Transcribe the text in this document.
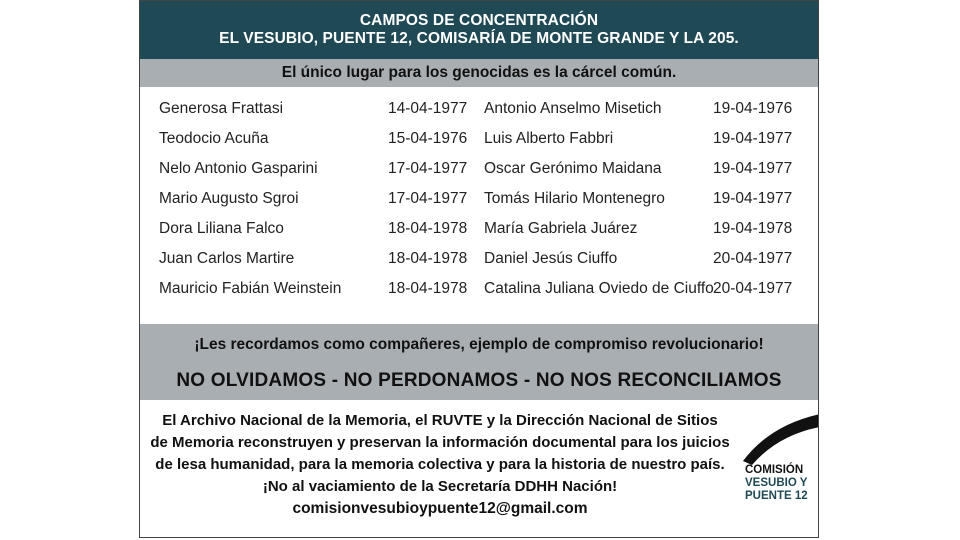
CAMPOS DE CONCENTRACIÓN
EL VESUBIO, PUENTE 12, COMISARÍA DE MONTE GRANDE Y LA 205.
El único lugar para los genocidas es la cárcel común.
Generosa Frattasi	14-04-1977
Teodocio Acuña	15-04-1976
Nelo Antonio Gasparini	17-04-1977
Mario Augusto Sgroi	17-04-1977
Dora Liliana Falco	18-04-1978
Juan Carlos Martire	18-04-1978
Mauricio Fabián Weinstein	18-04-1978
Antonio Anselmo Misetich	19-04-1976
Luis Alberto Fabbri	19-04-1977
Oscar Gerónimo Maidana	19-04-1977
Tomás Hilario Montenegro	19-04-1977
María Gabriela Juárez	19-04-1978
Daniel Jesús Ciuffo	20-04-1977
Catalina Juliana Oviedo de Ciuffo 20-04-1977
¡Les recordamos como compañeres, ejemplo de compromiso revolucionario!
NO OLVIDAMOS - NO PERDONAMOS - NO NOS RECONCILIAMOS
El Archivo Nacional de la Memoria, el RUVTE y la Dirección Nacional de Sitios
de Memoria reconstruyen y preservan la información documental para los juicios
de lesa humanidad, para la memoria colectiva y para la historia de nuestro país.
¡No al vaciamiento de la Secretaría DDHH Nación!
comisionvesubioypuente12@gmail.com
COMISIÓN
VESUBIO Y
PUENTE 12
